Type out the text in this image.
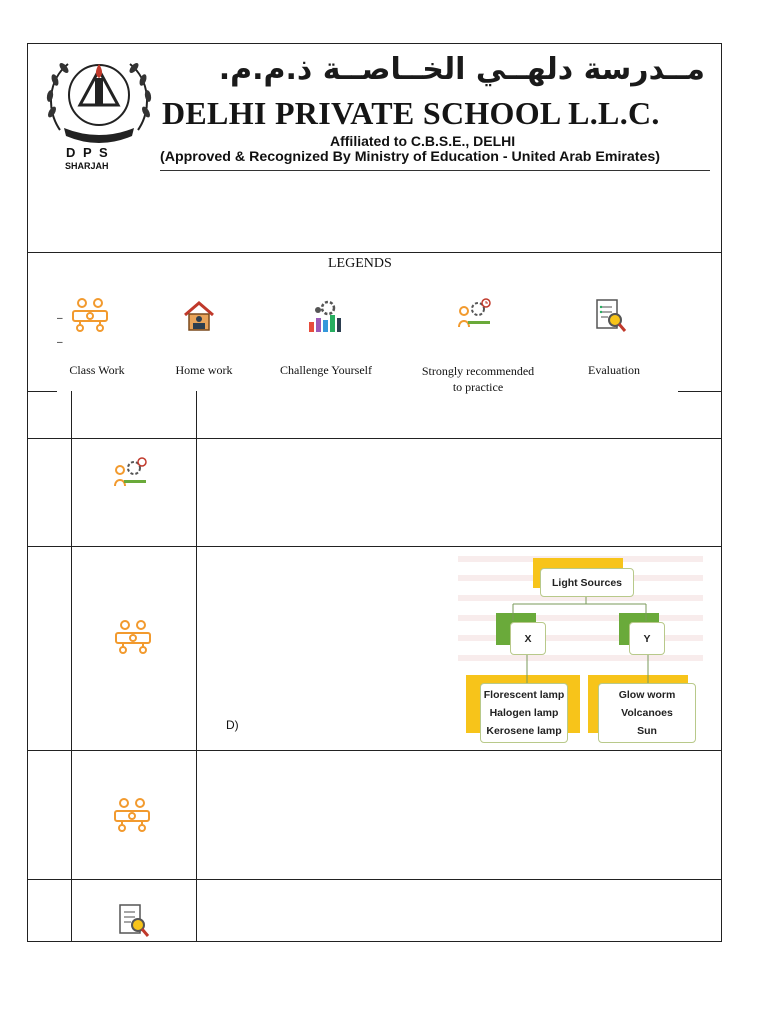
D P S
SHARJAH
مــدرسة دلهــي الخــاصــة ذ.م.م.
DELHI PRIVATE SCHOOL L.L.C.
Affiliated to C.B.S.E., DELHI
(Approved & Recognized By Ministry of Education - United Arab Emirates)
LEGENDS
–
–
Class Work	Home work	Challenge Yourself	Strongly recommended
to practice
Evaluation
D)
Light Sources
X	Y
Florescent lamp
Halogen lamp
Kerosene lamp
Glow worm
Volcanoes
Sun
